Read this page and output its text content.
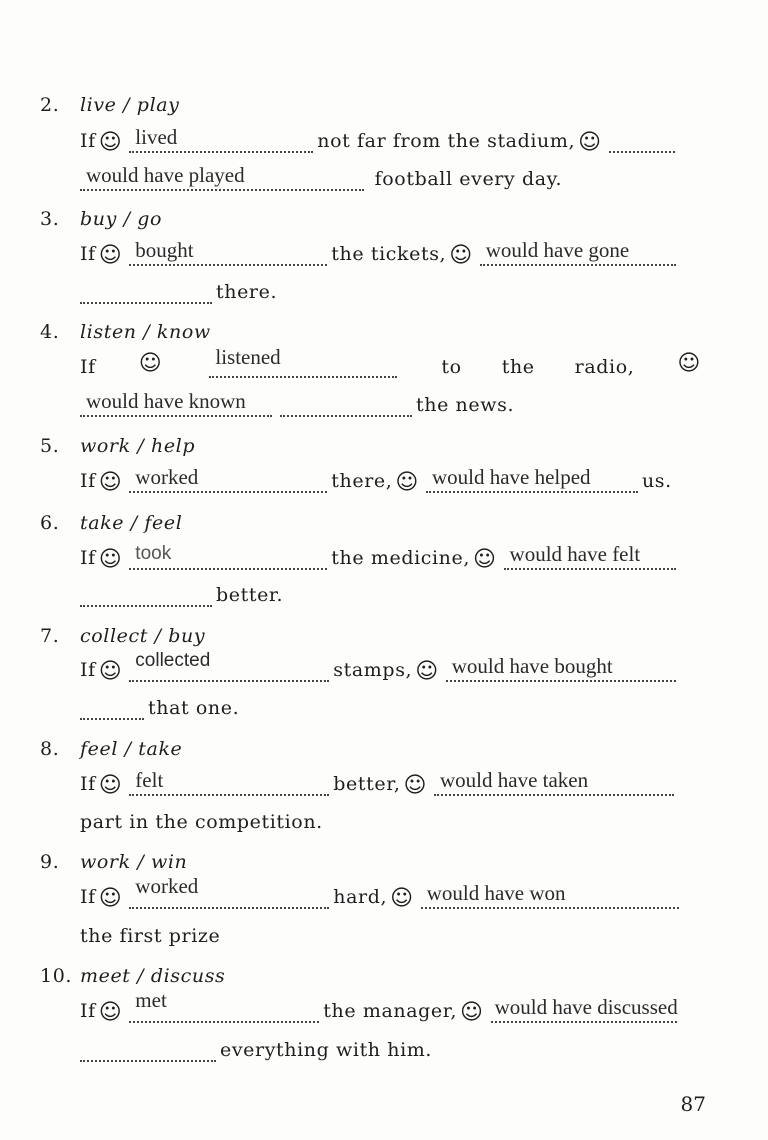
2. live / play
If ☺ lived	not far from the stadium, ☺
would have played	football every day.
3. buy / go
If ☺ bought	the tickets, ☺ would have gone
there.
4. listen / know
If ☺	listened	to the radio, ☺
would have known	the news.
5. work / help
If ☺ worked	there, ☺ would have helped	us.
6. take / feel
If ☺ took	the medicine, ☺ would have felt
better.
7. collect / buy
If ☺ collected	stamps, ☺ would have bought
that one.
8. feel / take
If ☺ felt	better, ☺ would have taken
part in the competition.
9. work / win
If ☺ worked	hard, ☺ would have won
the first prize
10. meet / discuss
If ☺ met	the manager, ☺ would have discussed
everything with him.
87
